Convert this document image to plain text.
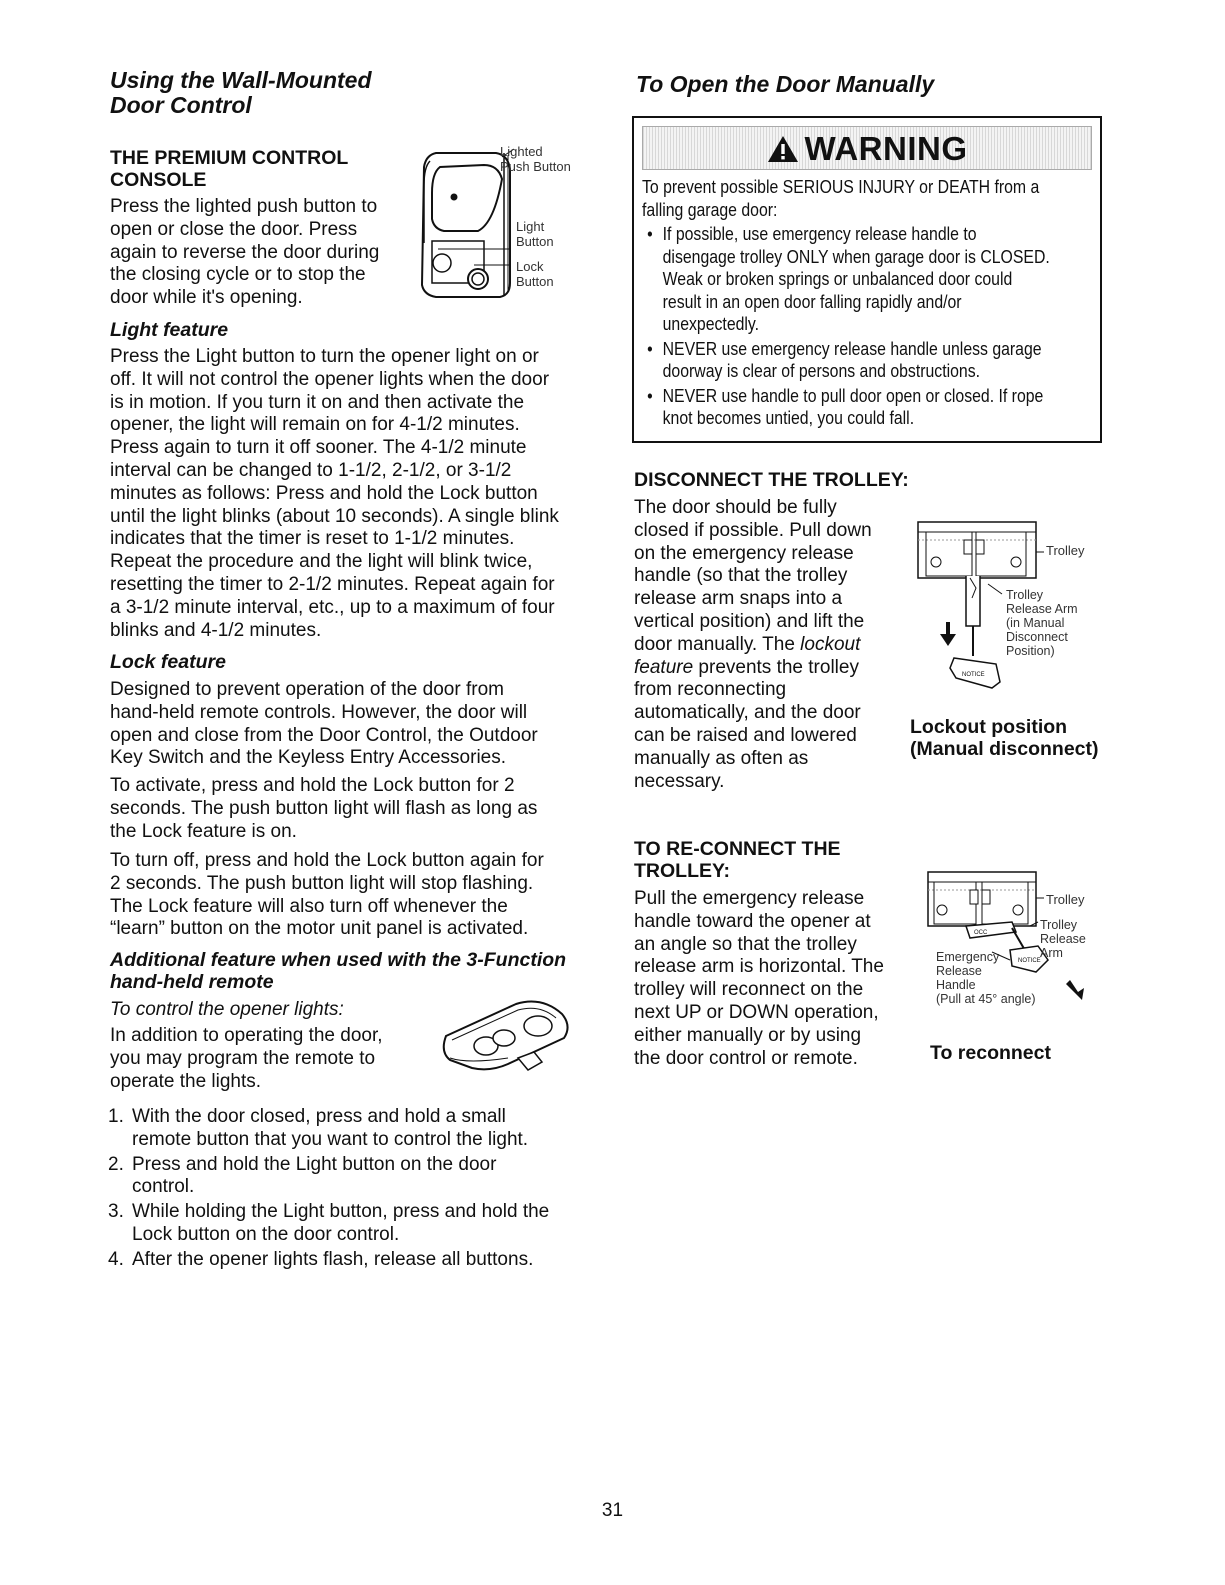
Using the Wall-Mounted
Door Control

THE PREMIUM CONTROL
CONSOLE

Press the lighted push button to
open or close the door. Press
again to reverse the door during
the closing cycle or to stop the
door while it's opening.

Lighted
Push Button
Light
Button
Lock
Button

Light feature

Press the Light button to turn the opener light on or
off. It will not control the opener lights when the door
is in motion. If you turn it on and then activate the
opener, the light will remain on for 4-1/2 minutes.
Press again to turn it off sooner. The 4-1/2 minute
interval can be changed to 1-1/2, 2-1/2, or 3-1/2
minutes as follows: Press and hold the Lock button
until the light blinks (about 10 seconds). A single blink
indicates that the timer is reset to 1-1/2 minutes.
Repeat the procedure and the light will blink twice,
resetting the timer to 2-1/2 minutes. Repeat again for
a 3-1/2 minute interval, etc., up to a maximum of four
blinks and 4-1/2 minutes.

Lock feature

Designed to prevent operation of the door from
hand-held remote controls. However, the door will
open and close from the Door Control, the Outdoor
Key Switch and the Keyless Entry Accessories.

To activate, press and hold the Lock button for 2
seconds. The push button light will flash as long as
the Lock feature is on.

To turn off, press and hold the Lock button again for
2 seconds. The push button light will stop flashing.
The Lock feature will also turn off whenever the
“learn” button on the motor unit panel is activated.

Additional feature when used with the 3-Function
hand-held remote

To control the opener lights:

In addition to operating the door,
you may program the remote to
operate the lights.

1. With the door closed, press and hold a small
remote button that you want to control the light.
2. Press and hold the Light button on the door
control.
3. While holding the Light button, press and hold the
Lock button on the door control.
4. After the opener lights flash, release all buttons.

To Open the Door Manually

WARNING

To prevent possible SERIOUS INJURY or DEATH from a
falling garage door:

• If possible, use emergency release handle to
disengage trolley ONLY when garage door is CLOSED.
Weak or broken springs or unbalanced door could
result in an open door falling rapidly and/or
unexpectedly.

• NEVER use emergency release handle unless garage
doorway is clear of persons and obstructions.

• NEVER use handle to pull door open or closed. If rope
knot becomes untied, you could fall.

DISCONNECT THE TROLLEY:

The door should be fully
closed if possible. Pull down
on the emergency release
handle (so that the trolley
release arm snaps into a
vertical position) and lift the
door manually. The lockout
feature prevents the trolley
from reconnecting
automatically, and the door
can be raised and lowered
manually as often as
necessary.

NOTICE
Trolley
Trolley
Release Arm
(in Manual
Disconnect
Position)

Lockout position
(Manual disconnect)

TO RE-CONNECT THE
TROLLEY:

Pull the emergency release
handle toward the opener at
an angle so that the trolley
release arm is horizontal. The
trolley will reconnect on the
next UP or DOWN operation,
either manually or by using
the door control or remote.

OCC
NOTICE
Trolley
Trolley
Release
Arm
Emergency
Release
Handle
(Pull at 45° angle)

To reconnect

31
